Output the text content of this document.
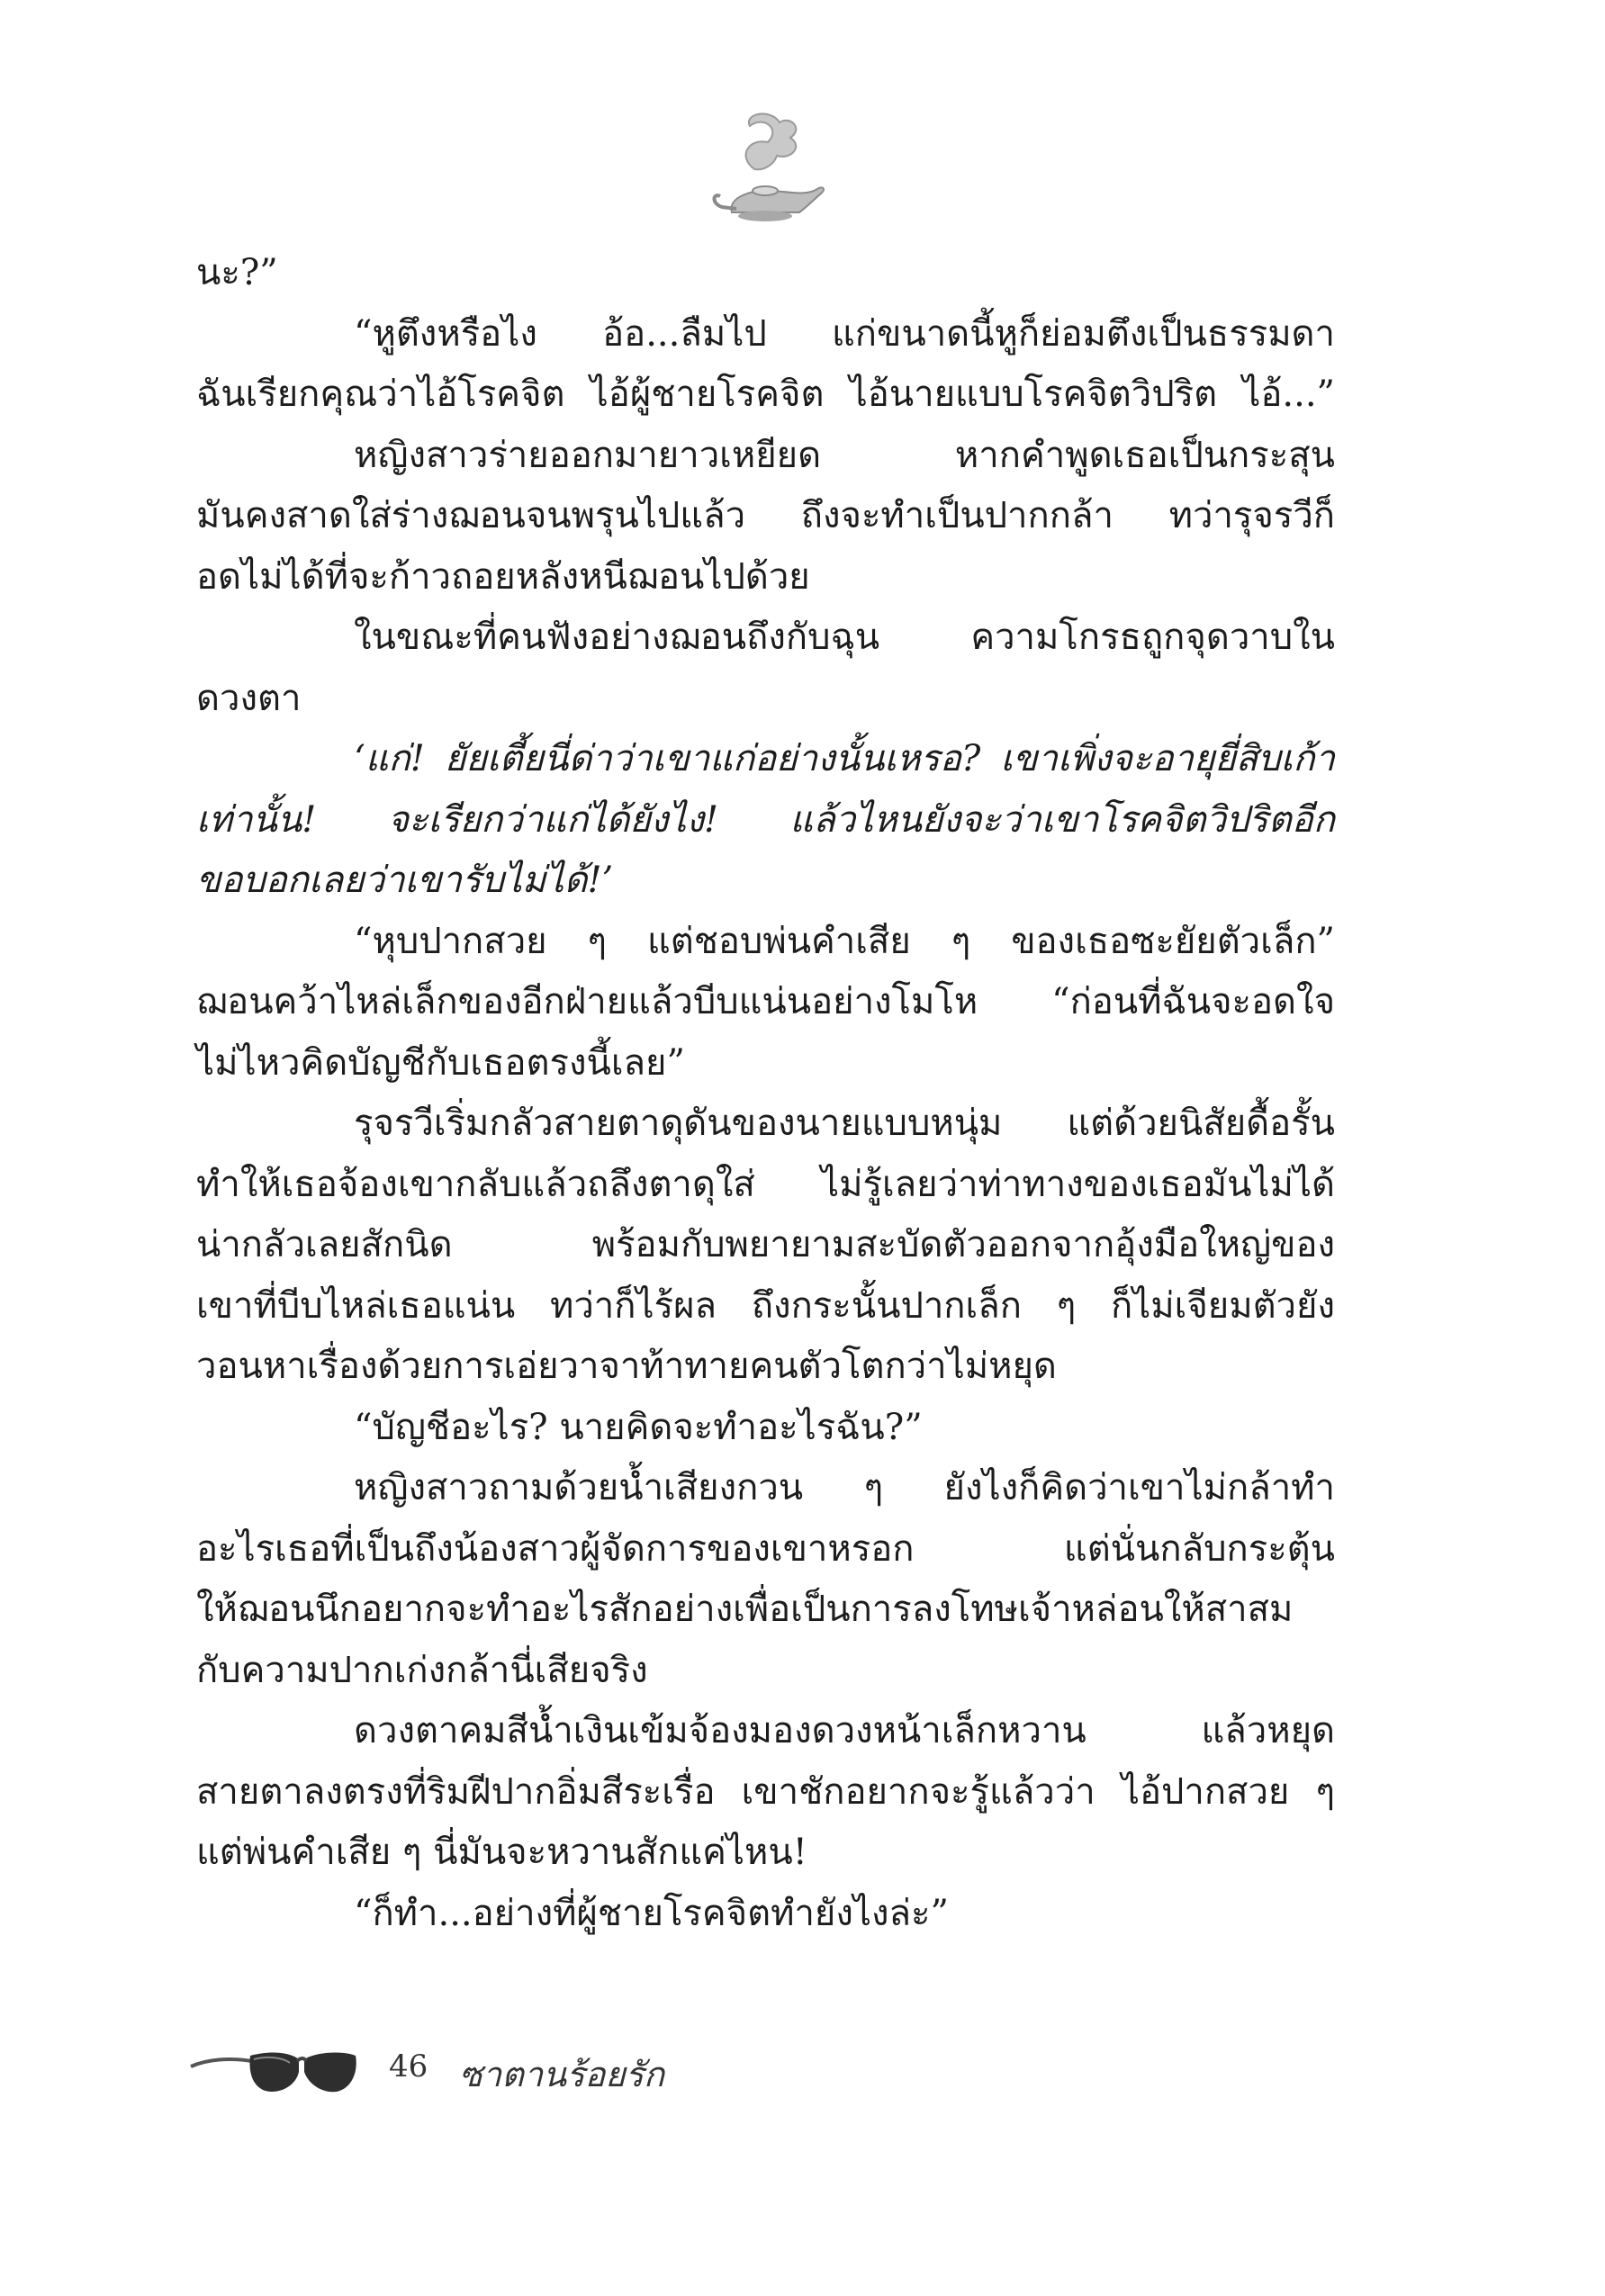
นะ?”
“หูตึงหรือไง อ้อ...ลืมไป แก่ขนาดนี้หูก็ย่อมตึงเป็นธรรมดา
ฉันเรียกคุณว่าไอ้โรคจิต ไอ้ผู้ชายโรคจิต ไอ้นายแบบโรคจิตวิปริต ไอ้...”
หญิงสาวร่ายออกมายาวเหยียด หากคำพูดเธอเป็นกระสุน
มันคงสาดใส่ร่างฌอนจนพรุนไปแล้ว ถึงจะทำเป็นปากกล้า ทว่ารุจรวีก็
อดไม่ได้ที่จะก้าวถอยหลังหนีฌอนไปด้วย
ในขณะที่คนฟังอย่างฌอนถึงกับฉุน ความโกรธถูกจุดวาบใน
ดวงตา
‘แก่! ยัยเตี้ยนี่ด่าว่าเขาแก่อย่างนั้นเหรอ? เขาเพิ่งจะอายุยี่สิบเก้า
เท่านั้น! จะเรียกว่าแก่ได้ยังไง! แล้วไหนยังจะว่าเขาโรคจิตวิปริตอีก
ขอบอกเลยว่าเขารับไม่ได้!’
“หุบปากสวย ๆ แต่ชอบพ่นคำเสีย ๆ ของเธอซะยัยตัวเล็ก”
ฌอนคว้าไหล่เล็กของอีกฝ่ายแล้วบีบแน่นอย่างโมโห “ก่อนที่ฉันจะอดใจ
ไม่ไหวคิดบัญชีกับเธอตรงนี้เลย”
รุจรวีเริ่มกลัวสายตาดุดันของนายแบบหนุ่ม แต่ด้วยนิสัยดื้อรั้น
ทำให้เธอจ้องเขากลับแล้วถลึงตาดุใส่ ไม่รู้เลยว่าท่าทางของเธอมันไม่ได้
น่ากลัวเลยสักนิด พร้อมกับพยายามสะบัดตัวออกจากอุ้งมือใหญ่ของ
เขาที่บีบไหล่เธอแน่น ทว่าก็ไร้ผล ถึงกระนั้นปากเล็ก ๆ ก็ไม่เจียมตัวยัง
วอนหาเรื่องด้วยการเอ่ยวาจาท้าทายคนตัวโตกว่าไม่หยุด
“บัญชีอะไร? นายคิดจะทำอะไรฉัน?”
หญิงสาวถามด้วยน้ำเสียงกวน ๆ ยังไงก็คิดว่าเขาไม่กล้าทำ
อะไรเธอที่เป็นถึงน้องสาวผู้จัดการของเขาหรอก แต่นั่นกลับกระตุ้น
ให้ฌอนนึกอยากจะทำอะไรสักอย่างเพื่อเป็นการลงโทษเจ้าหล่อนให้สาสม
กับความปากเก่งกล้านี่เสียจริง
ดวงตาคมสีน้ำเงินเข้มจ้องมองดวงหน้าเล็กหวาน แล้วหยุด
สายตาลงตรงที่ริมฝีปากอิ่มสีระเรื่อ เขาชักอยากจะรู้แล้วว่า ไอ้ปากสวย ๆ
แต่พ่นคำเสีย ๆ นี่มันจะหวานสักแค่ไหน!
“ก็ทำ...อย่างที่ผู้ชายโรคจิตทำยังไงล่ะ”
46 ซาตานร้อยรัก
